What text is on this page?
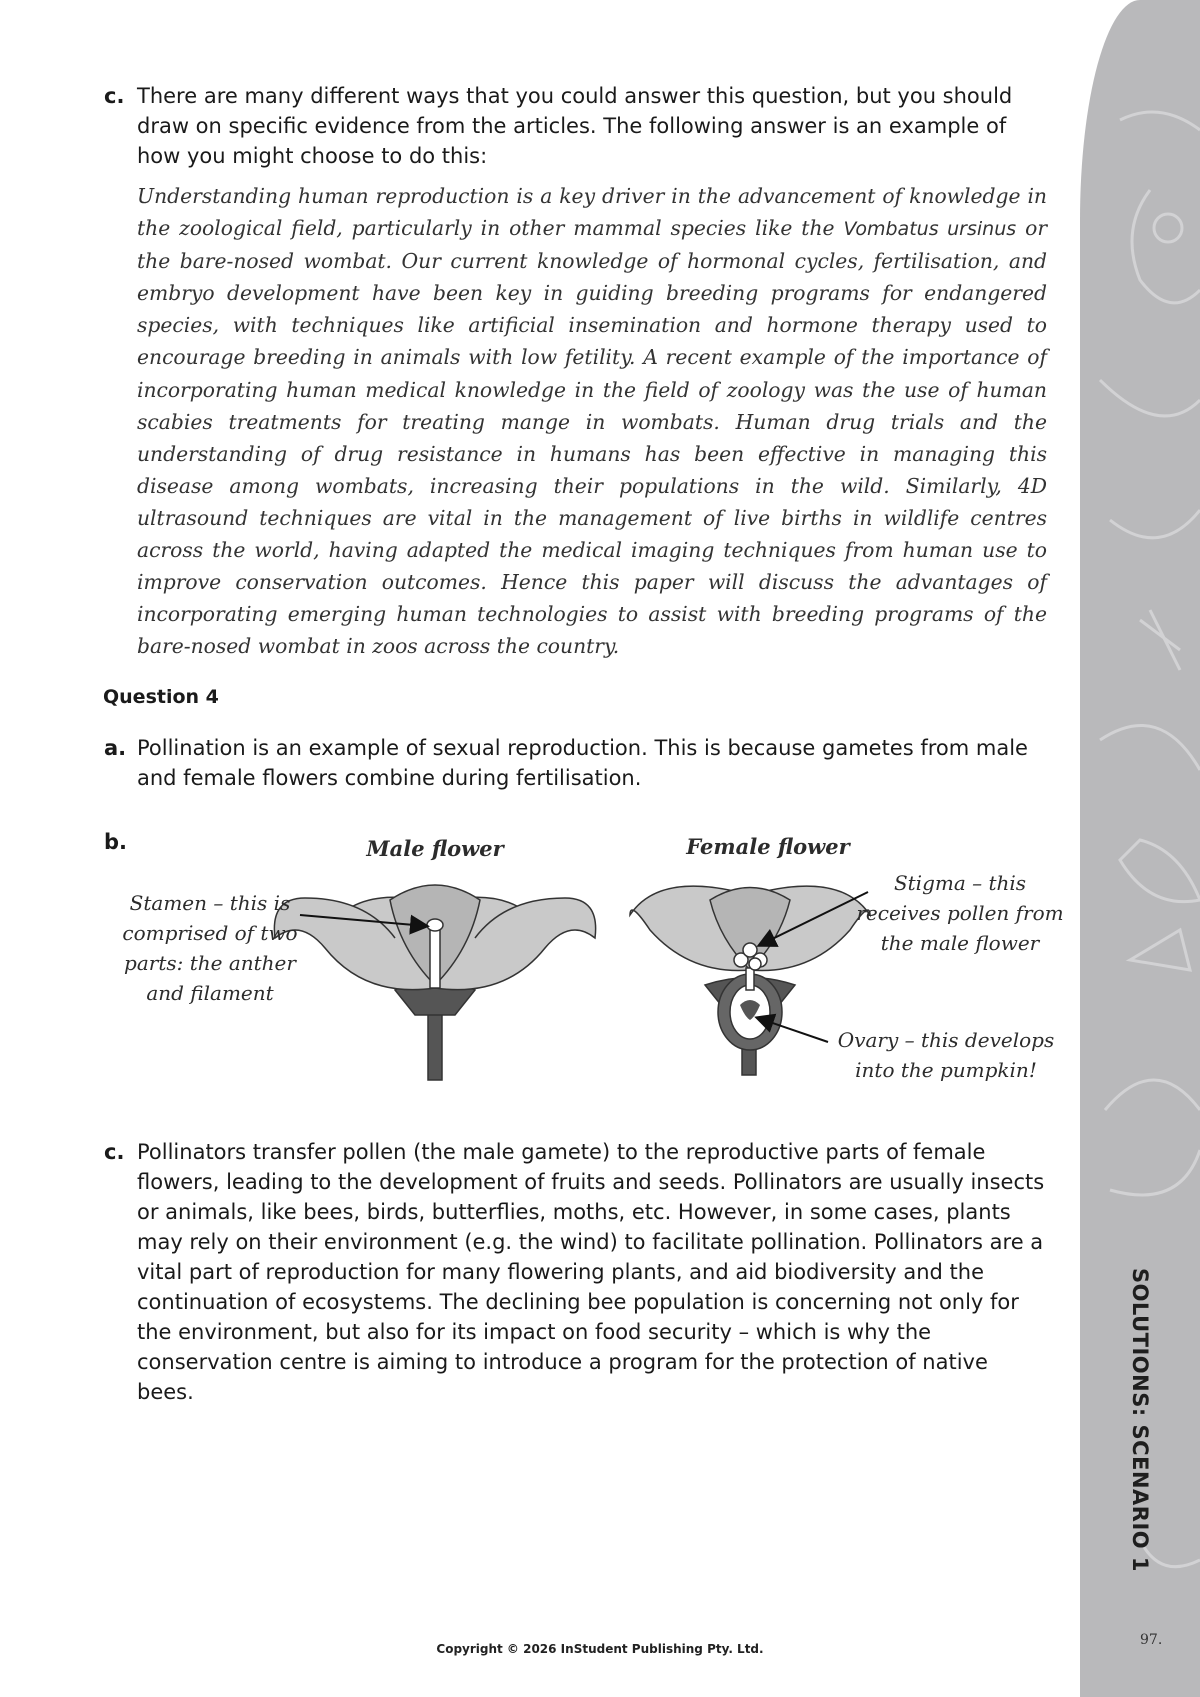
SOLUTIONS: SCENARIO 1
97.
c. There are many different ways that you could answer this question, but you should draw on specific evidence from the articles. The following answer is an example of how you might choose to do this:
Understanding human reproduction is a key driver in the advancement of knowledge in the zoological field, particularly in other mammal species like the Vombatus ursinus or the bare-nosed wombat. Our current knowledge of hormonal cycles, fertilisation, and embryo development have been key in guiding breeding programs for endangered species, with techniques like artificial insemination and hormone therapy used to encourage breeding in animals with low fetility. A recent example of the importance of incorporating human medical knowledge in the field of zoology was the use of human scabies treatments for treating mange in wombats. Human drug trials and the understanding of drug resistance in humans has been effective in managing this disease among wombats, increasing their populations in the wild. Similarly, 4D ultrasound techniques are vital in the management of live births in wildlife centres across the world, having adapted the medical imaging techniques from human use to improve conservation outcomes. Hence this paper will discuss the advantages of incorporating emerging human technologies to assist with breeding programs of the bare-nosed wombat in zoos across the country.
Question 4
a. Pollination is an example of sexual reproduction. This is because gametes from male and female flowers combine during fertilisation.
b.	Male flower	Female flower
Stamen – this is comprised of two parts: the anther and filament
Stigma – this receives pollen from the male flower
Ovary – this develops into the pumpkin!
c. Pollinators transfer pollen (the male gamete) to the reproductive parts of female flowers, leading to the development of fruits and seeds. Pollinators are usually insects or animals, like bees, birds, butterflies, moths, etc. However, in some cases, plants may rely on their environment (e.g. the wind) to facilitate pollination. Pollinators are a vital part of reproduction for many flowering plants, and aid biodiversity and the continuation of ecosystems. The declining bee population is concerning not only for the environment, but also for its impact on food security – which is why the conservation centre is aiming to introduce a program for the protection of native bees.
Copyright © 2026 InStudent Publishing Pty. Ltd.
